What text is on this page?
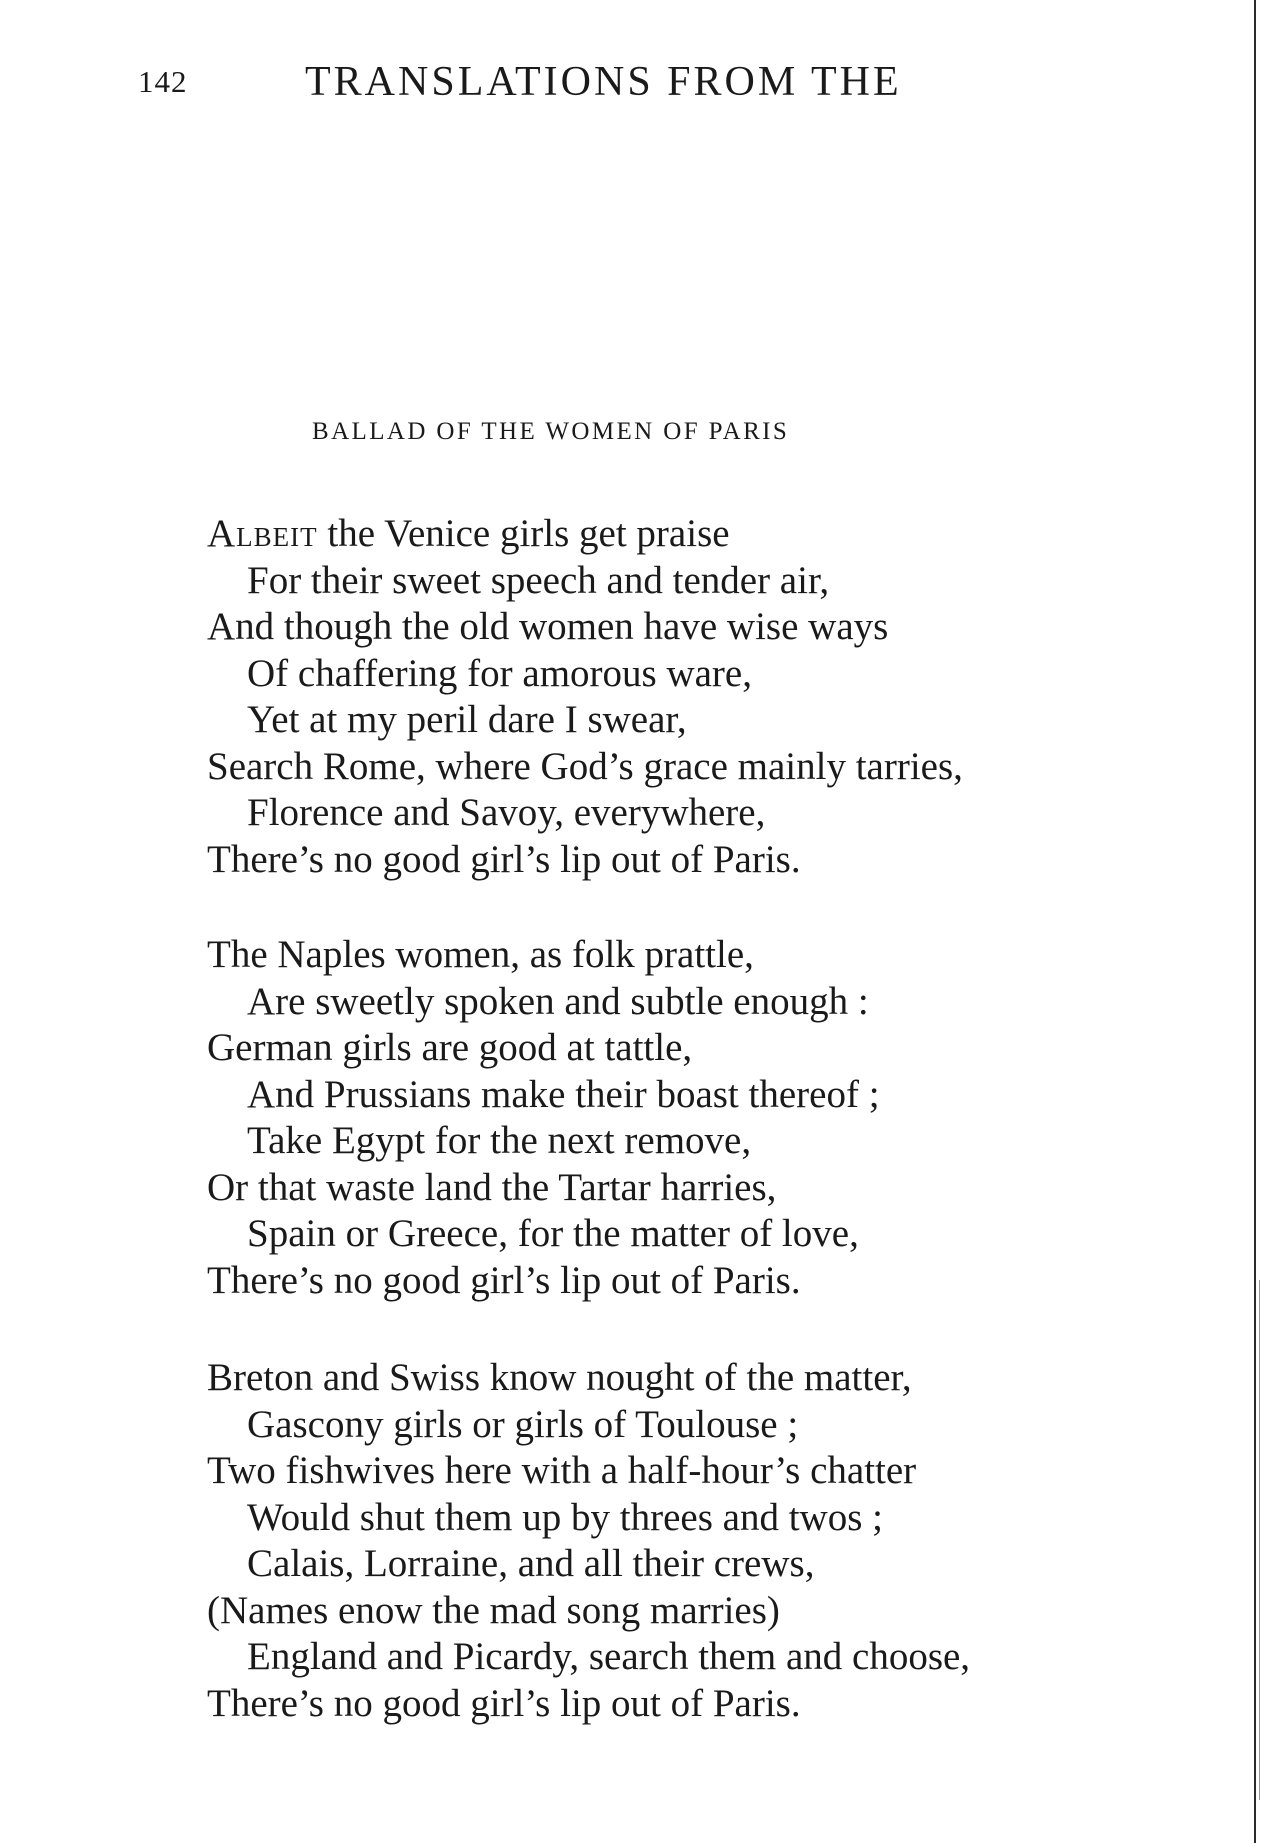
142	TRANSLATIONS FROM THE
BALLAD OF THE WOMEN OF PARIS
Albeit the Venice girls get praise
For their sweet speech and tender air,
And though the old women have wise ways
Of chaffering for amorous ware,
Yet at my peril dare I swear,
Search Rome, where God’s grace mainly tarries,
Florence and Savoy, everywhere,
There’s no good girl’s lip out of Paris.
The Naples women, as folk prattle,
Are sweetly spoken and subtle enough :
German girls are good at tattle,
And Prussians make their boast thereof ;
Take Egypt for the next remove,
Or that waste land the Tartar harries,
Spain or Greece, for the matter of love,
There’s no good girl’s lip out of Paris.
Breton and Swiss know nought of the matter,
Gascony girls or girls of Toulouse ;
Two fishwives here with a half-hour’s chatter
Would shut them up by threes and twos ;
Calais, Lorraine, and all their crews,
(Names enow the mad song marries)
England and Picardy, search them and choose,
There’s no good girl’s lip out of Paris.
